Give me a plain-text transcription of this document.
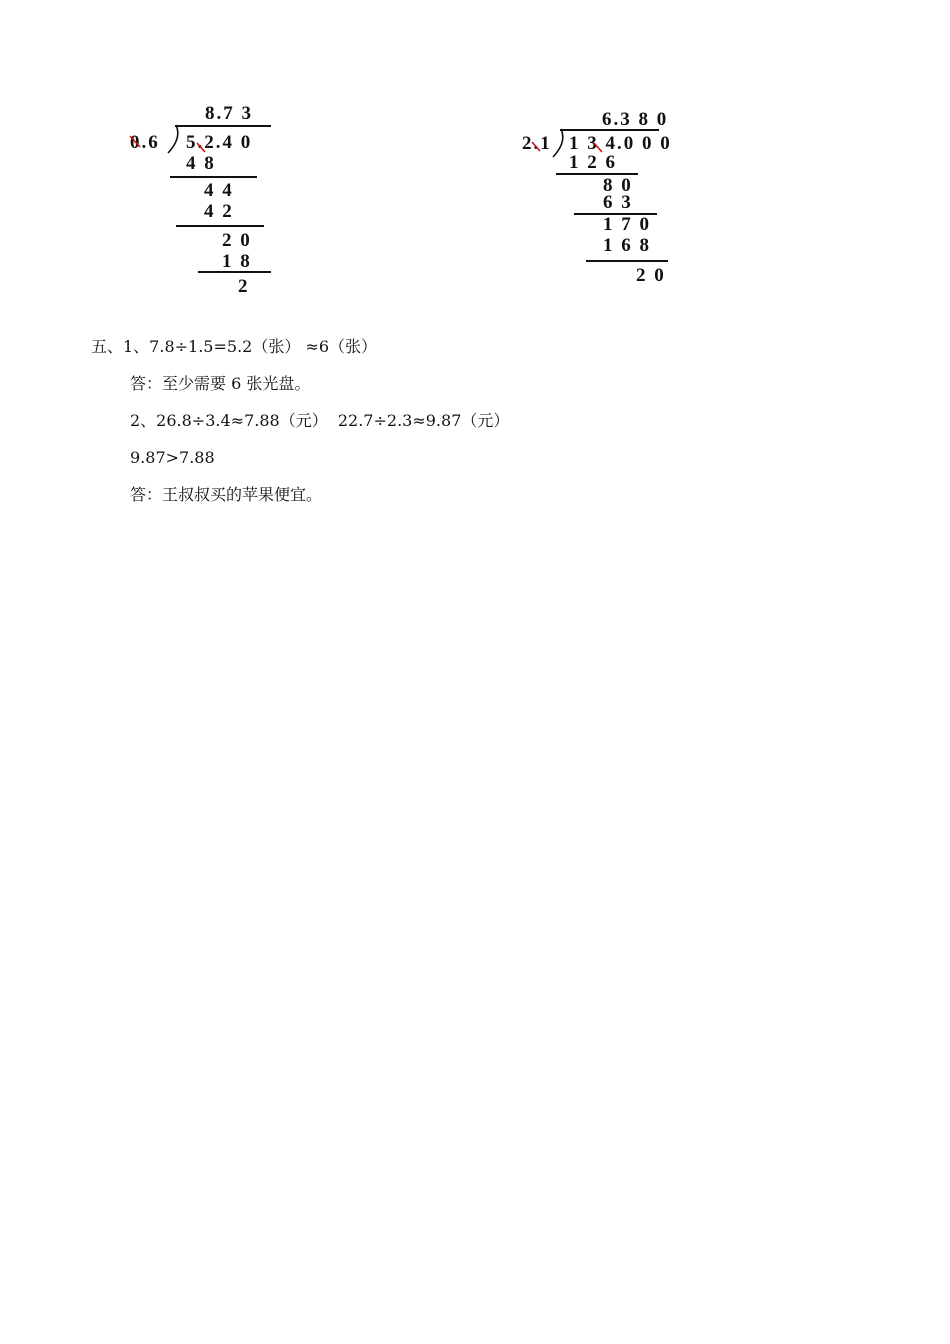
8.7 3
0.6 5.2.4 0
4 8
4 4
4 2
2 0
1 8
2
6.3 8 0
2.1 1 3 4.0 0 0
1 2 6
8 0
6 3
1 7 0
1 6 8
2 0
五、1、7.8÷1.5=5.2（张） ≈6（张）
答：至少需要 6 张光盘。
2、26.8÷3.4≈7.88（元）  22.7÷2.3≈9.87（元）
9.87>7.88
答：王叔叔买的苹果便宜。
